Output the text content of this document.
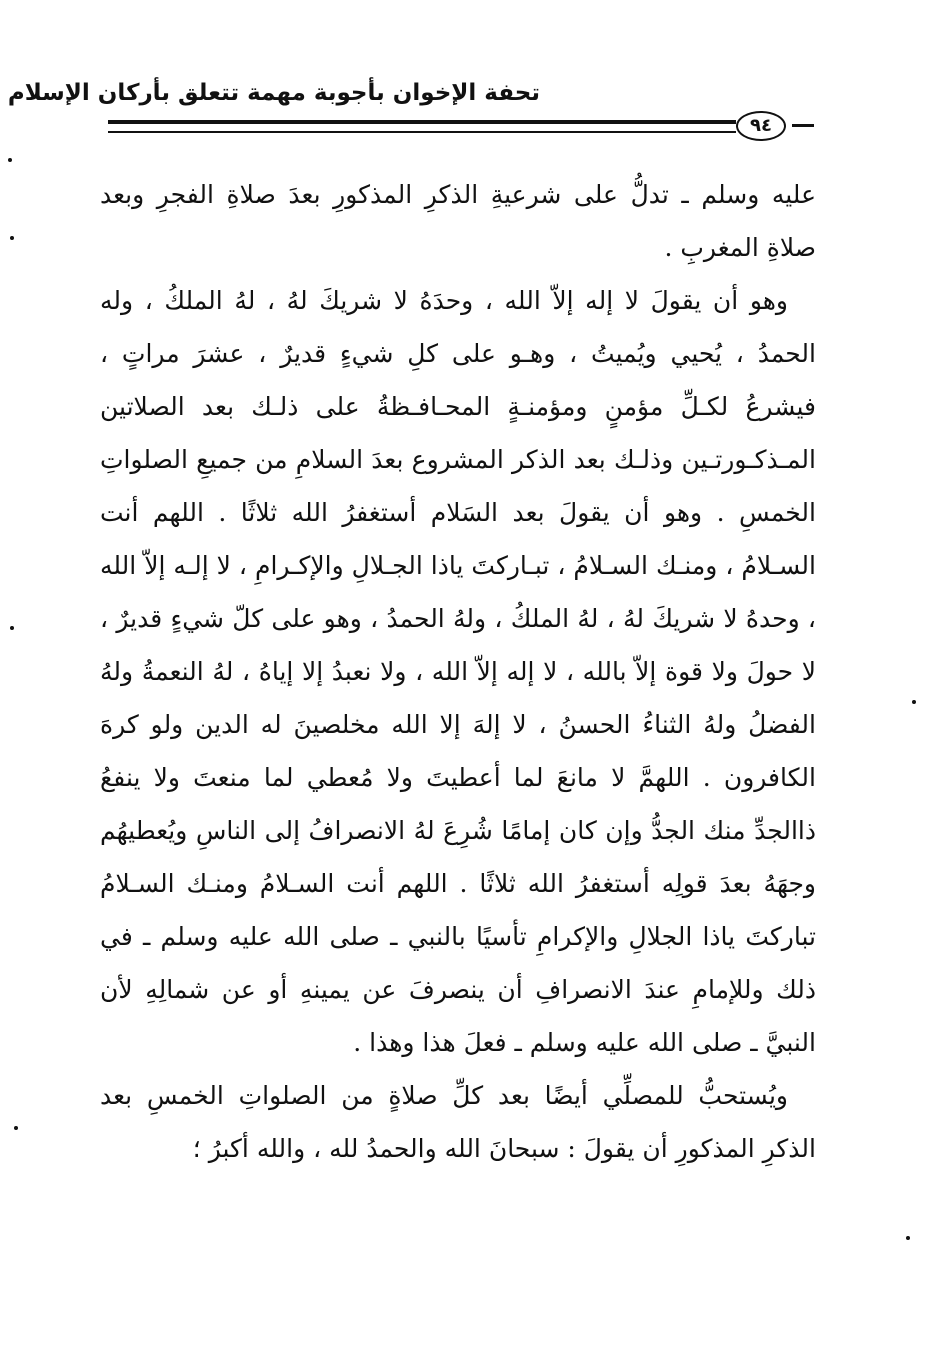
تحفة الإخوان بأجوبة مهمة تتعلق بأركان الإسلام
٩٤

عليه وسلم ـ تدلُّ على شرعيةِ الذكرِ المذكورِ بعدَ صلاةِ الفجرِ وبعد صلاةِ المغربِ .

وهو أن يقولَ لا إله إلاّ الله ، وحدَهُ لا شريكَ لهُ ، لهُ الملكُ ، وله الحمدُ ، يُحيي ويُميتُ ، وهـو على كلِ شيءٍ قديرٌ ، عشرَ مراتٍ ، فيشرعُ لكـلِّ مؤمنٍ ومؤمنـةٍ المحـافـظةُ على ذلـك بعد الصلاتين المـذكـورتـين وذلـك بعد الذكر المشروع بعدَ السلامِ من جميعِ الصلواتِ الخمسِ . وهو أن يقولَ بعد السَلام أستغفرُ الله ثلاثًا . اللهم أنت السـلامُ ، ومنـك السـلامُ ، تبـاركتَ ياذا الجـلالِ والإكـرامِ ، لا إلـه إلاّ الله ، وحدهُ لا شريكَ لهُ ، لهُ الملكُ ، ولهُ الحمدُ ، وهو على كلّ شيءٍ قديرٌ ، لا حولَ ولا قوة إلاّ بالله ، لا إله إلاّ الله ، ولا نعبدُ إلا إياهُ ، لهُ النعمةُ ولهُ الفضلُ ولهُ الثناءُ الحسنُ ، لا إلهَ إلا الله مخلصينَ له الدين ولو كرهَ الكافرون . اللهمَّ لا مانعَ لما أعطيتَ ولا مُعطي لما منعتَ ولا ينفعُ ذاالجدِّ منك الجدُّ وإن كان إمامًا شُرِعَ لهُ الانصرافُ إلى الناسِ ويُعطيهُم وجهَهُ بعدَ قولِه أستغفرُ الله ثلاثًا . اللهم أنت السـلامُ ومنـك السـلامُ تباركتَ ياذا الجلالِ والإكرامِ تأسيًا بالنبي ـ صلى الله عليه وسلم ـ في ذلك وللإمامِ عندَ الانصرافِ أن ينصرفَ عن يمينهِ أو عن شمالِهِ لأن النبيَّ ـ صلى الله عليه وسلم ـ فعلَ هذا وهذا .

ويُستحبُّ للمصلِّي أيضًا بعد كلِّ صلاةٍ من الصلواتِ الخمسِ بعد الذكرِ المذكورِ أن يقولَ : سبحانَ الله والحمدُ لله ، والله أكبرُ ؛
